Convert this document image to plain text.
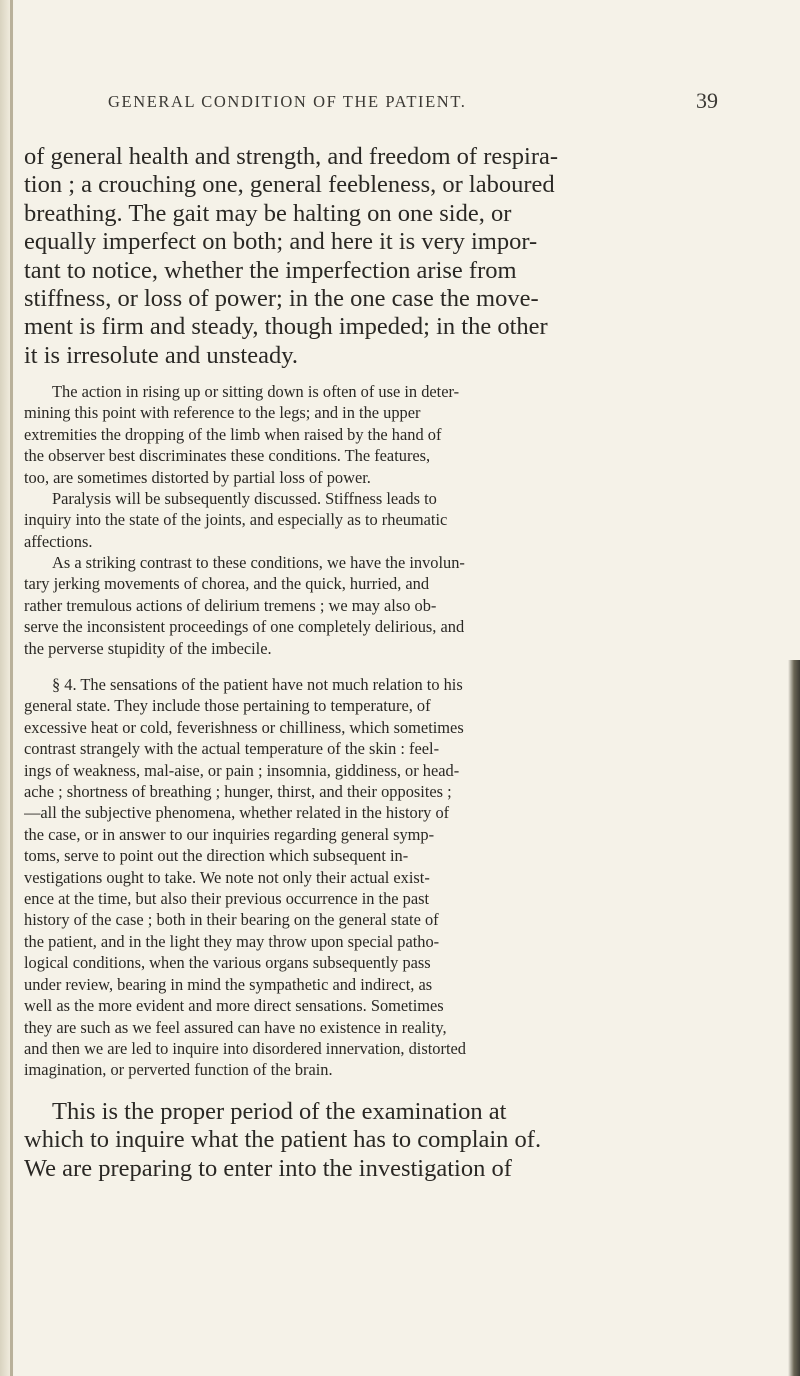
GENERAL CONDITION OF THE PATIENT.	39

of general health and strength, and freedom of respira-
tion ; a crouching one, general feebleness, or laboured
breathing. The gait may be halting on one side, or
equally imperfect on both; and here it is very impor-
tant to notice, whether the imperfection arise from
stiffness, or loss of power; in the one case the move-
ment is firm and steady, though impeded; in the other
it is irresolute and unsteady.

The action in rising up or sitting down is often of use in deter-
mining this point with reference to the legs; and in the upper
extremities the dropping of the limb when raised by the hand of
the observer best discriminates these conditions. The features,
too, are sometimes distorted by partial loss of power.

Paralysis will be subsequently discussed. Stiffness leads to
inquiry into the state of the joints, and especially as to rheumatic
affections.

As a striking contrast to these conditions, we have the involun-
tary jerking movements of chorea, and the quick, hurried, and
rather tremulous actions of delirium tremens ; we may also ob-
serve the inconsistent proceedings of one completely delirious, and
the perverse stupidity of the imbecile.

§ 4. The sensations of the patient have not much relation to his
general state. They include those pertaining to temperature, of
excessive heat or cold, feverishness or chilliness, which sometimes
contrast strangely with the actual temperature of the skin : feel-
ings of weakness, mal-aise, or pain ; insomnia, giddiness, or head-
ache ; shortness of breathing ; hunger, thirst, and their opposites ;
—all the subjective phenomena, whether related in the history of
the case, or in answer to our inquiries regarding general symp-
toms, serve to point out the direction which subsequent in-
vestigations ought to take. We note not only their actual exist-
ence at the time, but also their previous occurrence in the past
history of the case ; both in their bearing on the general state of
the patient, and in the light they may throw upon special patho-
logical conditions, when the various organs subsequently pass
under review, bearing in mind the sympathetic and indirect, as
well as the more evident and more direct sensations. Sometimes
they are such as we feel assured can have no existence in reality,
and then we are led to inquire into disordered innervation, distorted
imagination, or perverted function of the brain.

This is the proper period of the examination at
which to inquire what the patient has to complain of.
We are preparing to enter into the investigation of
